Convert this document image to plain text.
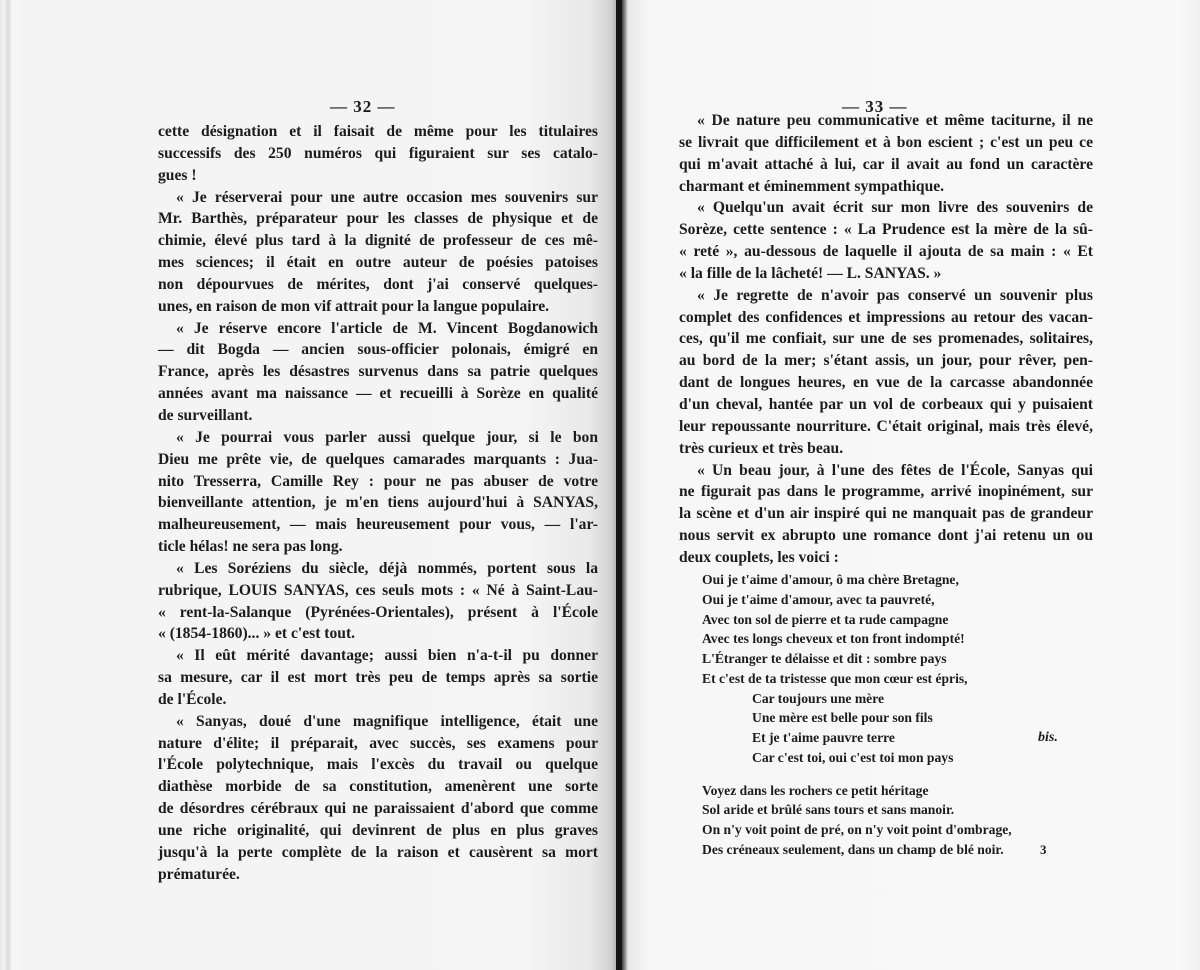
— 32 —
cette désignation et il faisait de même pour les titulaires
successifs des 250 numéros qui figuraient sur ses catalo-
gues !
« Je réserverai pour une autre occasion mes souvenirs sur
Mr. Barthès, préparateur pour les classes de physique et de
chimie, élevé plus tard à la dignité de professeur de ces mê-
mes sciences; il était en outre auteur de poésies patoises
non dépourvues de mérites, dont j'ai conservé quelques-
unes, en raison de mon vif attrait pour la langue populaire.
« Je réserve encore l'article de M. Vincent Bogdanowich
— dit Bogda — ancien sous-officier polonais, émigré en
France, après les désastres survenus dans sa patrie quelques
années avant ma naissance — et recueilli à Sorèze en qualité
de surveillant.
« Je pourrai vous parler aussi quelque jour, si le bon
Dieu me prête vie, de quelques camarades marquants : Jua-
nito Tresserra, Camille Rey : pour ne pas abuser de votre
bienveillante attention, je m'en tiens aujourd'hui à SANYAS,
malheureusement, — mais heureusement pour vous, — l'ar-
ticle hélas! ne sera pas long.
« Les Soréziens du siècle, déjà nommés, portent sous la
rubrique, LOUIS SANYAS, ces seuls mots : « Né à Saint-Lau-
« rent-la-Salanque (Pyrénées-Orientales), présent à l'École
« (1854-1860)... » et c'est tout.
« Il eût mérité davantage; aussi bien n'a-t-il pu donner
sa mesure, car il est mort très peu de temps après sa sortie
de l'École.
« Sanyas, doué d'une magnifique intelligence, était une
nature d'élite; il préparait, avec succès, ses examens pour
l'École polytechnique, mais l'excès du travail ou quelque
diathèse morbide de sa constitution, amenèrent une sorte
de désordres cérébraux qui ne paraissaient d'abord que comme
une riche originalité, qui devinrent de plus en plus graves
jusqu'à la perte complète de la raison et causèrent sa mort
prématurée.
— 33 —
« De nature peu communicative et même taciturne, il ne
se livrait que difficilement et à bon escient ; c'est un peu ce
qui m'avait attaché à lui, car il avait au fond un caractère
charmant et éminemment sympathique.
« Quelqu'un avait écrit sur mon livre des souvenirs de
Sorèze, cette sentence : « La Prudence est la mère de la sû-
« reté », au-dessous de laquelle il ajouta de sa main : « Et
« la fille de la lâcheté! — L. SANYAS. »
« Je regrette de n'avoir pas conservé un souvenir plus
complet des confidences et impressions au retour des vacan-
ces, qu'il me confiait, sur une de ses promenades, solitaires,
au bord de la mer; s'étant assis, un jour, pour rêver, pen-
dant de longues heures, en vue de la carcasse abandonnée
d'un cheval, hantée par un vol de corbeaux qui y puisaient
leur repoussante nourriture. C'était original, mais très élevé,
très curieux et très beau.
« Un beau jour, à l'une des fêtes de l'École, Sanyas qui
ne figurait pas dans le programme, arrivé inopinément, sur
la scène et d'un air inspiré qui ne manquait pas de grandeur
nous servit ex abrupto une romance dont j'ai retenu un ou
deux couplets, les voici :
Oui je t'aime d'amour, ô ma chère Bretagne,
Oui je t'aime d'amour, avec ta pauvreté,
Avec ton sol de pierre et ta rude campagne
Avec tes longs cheveux et ton front indompté!
L'Étranger te délaisse et dit : sombre pays
Et c'est de ta tristesse que mon cœur est épris,
Car toujours une mère
Une mère est belle pour son fils
Et je t'aime pauvre terre
Car c'est toi, oui c'est toi mon pays
bis.
Voyez dans les rochers ce petit héritage
Sol aride et brûlé sans tours et sans manoir.
On n'y voit point de pré, on n'y voit point d'ombrage,
Des créneaux seulement, dans un champ de blé noir.	3
